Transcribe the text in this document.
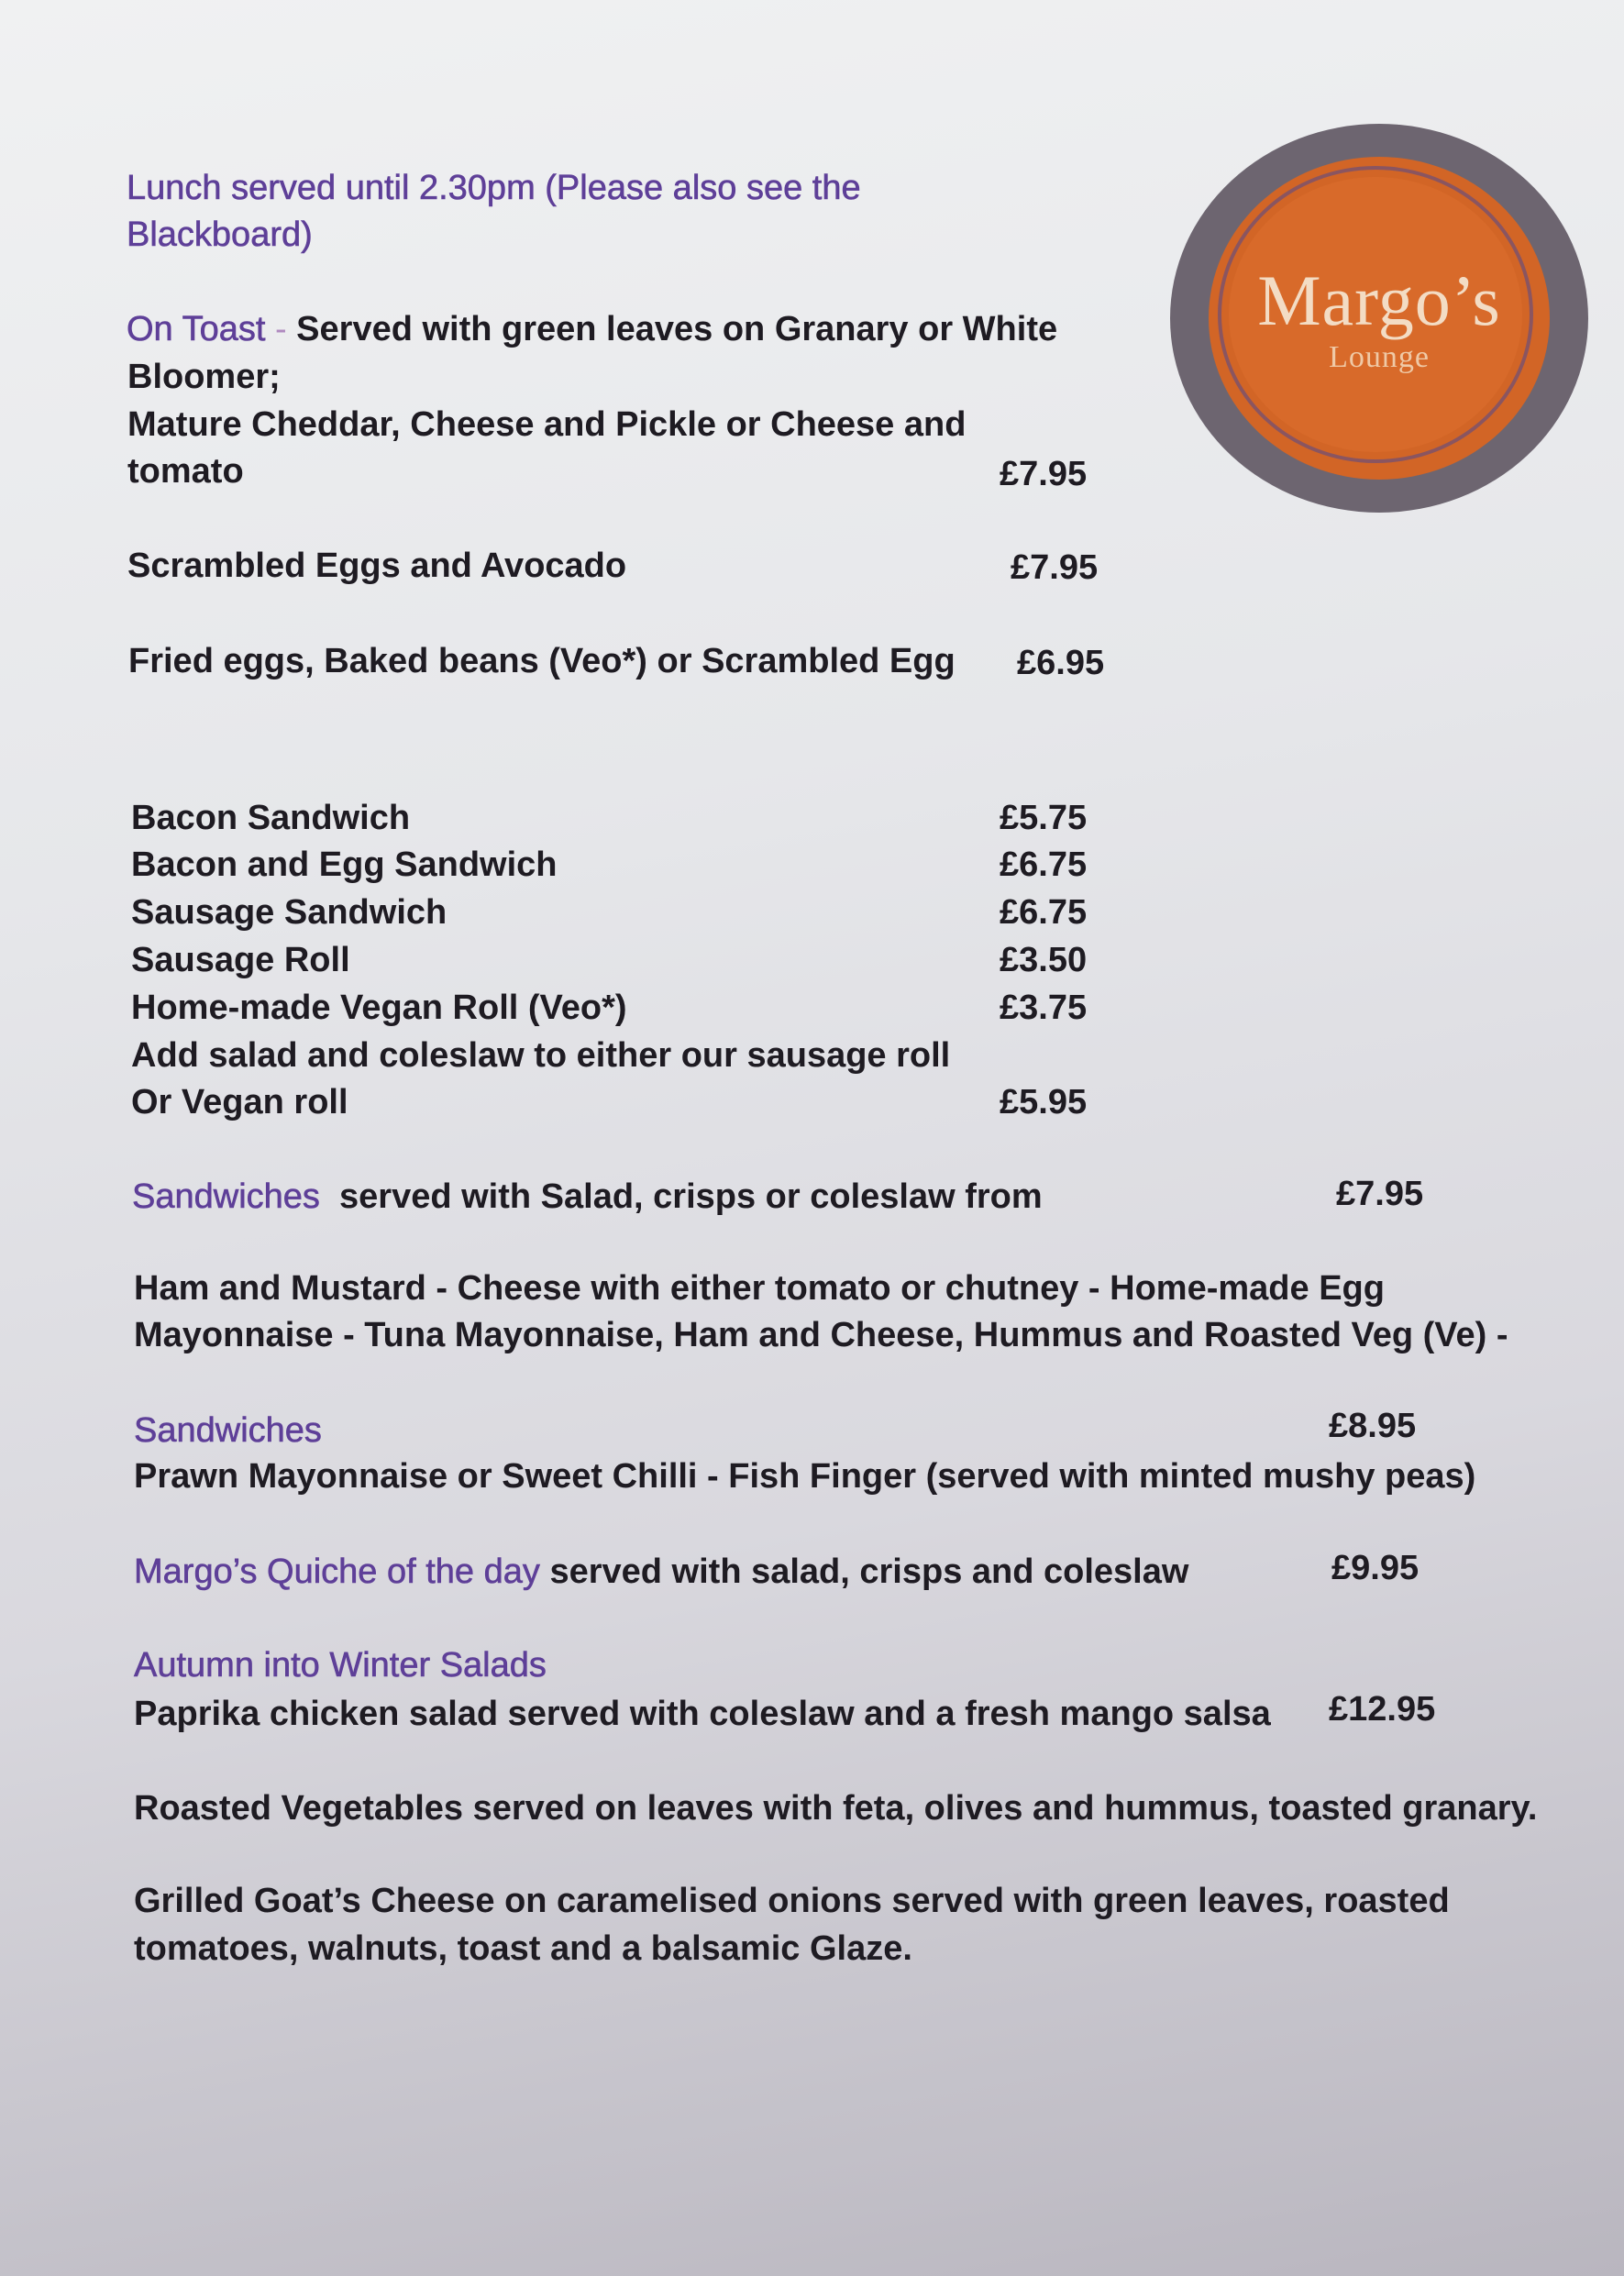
Lunch served until 2.30pm (Please also see the
Blackboard)
Margo’s
Lounge
On Toast - Served with green leaves on Granary or White
Bloomer;
Mature Cheddar, Cheese and Pickle or Cheese and
tomato	£7.95
Scrambled Eggs and Avocado	£7.95
Fried eggs, Baked beans (Veo*) or Scrambled Egg £6.95
Bacon Sandwich	£5.75
Bacon and Egg Sandwich	£6.75
Sausage Sandwich	£6.75
Sausage Roll	£3.50
Home-made Vegan Roll (Veo*)	£3.75
Add salad and coleslaw to either our sausage roll
Or Vegan roll	£5.95
Sandwiches served with Salad, crisps or coleslaw from	£7.95
Ham and Mustard - Cheese with either tomato or chutney - Home-made Egg
Mayonnaise - Tuna Mayonnaise, Ham and Cheese, Hummus and Roasted Veg (Ve) -
Sandwiches	£8.95
Prawn Mayonnaise or Sweet Chilli - Fish Finger (served with minted mushy peas)
Margo’s Quiche of the day served with salad, crisps and coleslaw	£9.95
Autumn into Winter Salads
Paprika chicken salad served with coleslaw and a fresh mango salsa £12.95
Roasted Vegetables served on leaves with feta, olives and hummus, toasted granary.
Grilled Goat’s Cheese on caramelised onions served with green leaves, roasted
tomatoes, walnuts, toast and a balsamic Glaze.
